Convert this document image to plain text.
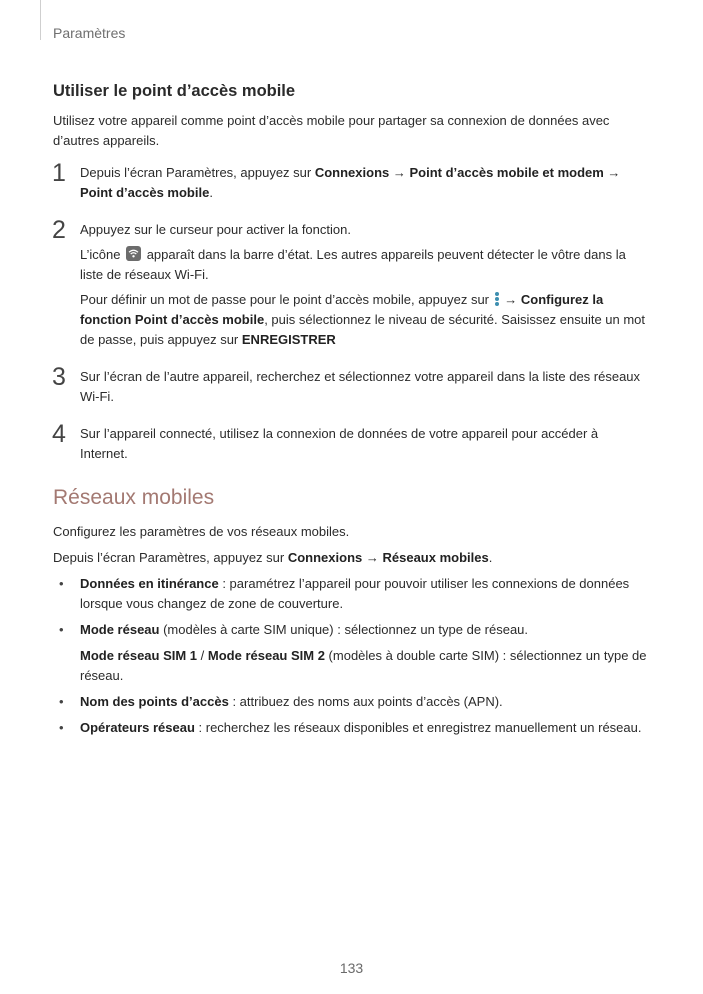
Paramètres
Utiliser le point d’accès mobile

Utilisez votre appareil comme point d’accès mobile pour partager sa connexion de données avec d’autres appareils.

1 Depuis l’écran Paramètres, appuyez sur Connexions → Point d’accès mobile et modem → Point d’accès mobile.

2 Appuyez sur le curseur pour activer la fonction.

L’icône
apparaît dans la barre d’état. Les autres appareils peuvent détecter le vôtre dans la liste de réseaux Wi-Fi.

Pour définir un mot de passe pour le point d’accès mobile, appuyez sur
→ Configurez la fonction Point d’accès mobile, puis sélectionnez le niveau de sécurité. Saisissez ensuite un mot de passe, puis appuyez sur ENREGISTRER

3 Sur l’écran de l’autre appareil, recherchez et sélectionnez votre appareil dans la liste des réseaux Wi-Fi.

4 Sur l’appareil connecté, utilisez la connexion de données de votre appareil pour accéder à Internet.

Réseaux mobiles

Configurez les paramètres de vos réseaux mobiles.

Depuis l’écran Paramètres, appuyez sur Connexions → Réseaux mobiles.

• Données en itinérance : paramétrez l’appareil pour pouvoir utiliser les connexions de données lorsque vous changez de zone de couverture.

• Mode réseau (modèles à carte SIM unique) : sélectionnez un type de réseau.

Mode réseau SIM 1 / Mode réseau SIM 2 (modèles à double carte SIM) : sélectionnez un type de réseau.

• Nom des points d’accès : attribuez des noms aux points d’accès (APN).

• Opérateurs réseau : recherchez les réseaux disponibles et enregistrez manuellement un réseau.

133
